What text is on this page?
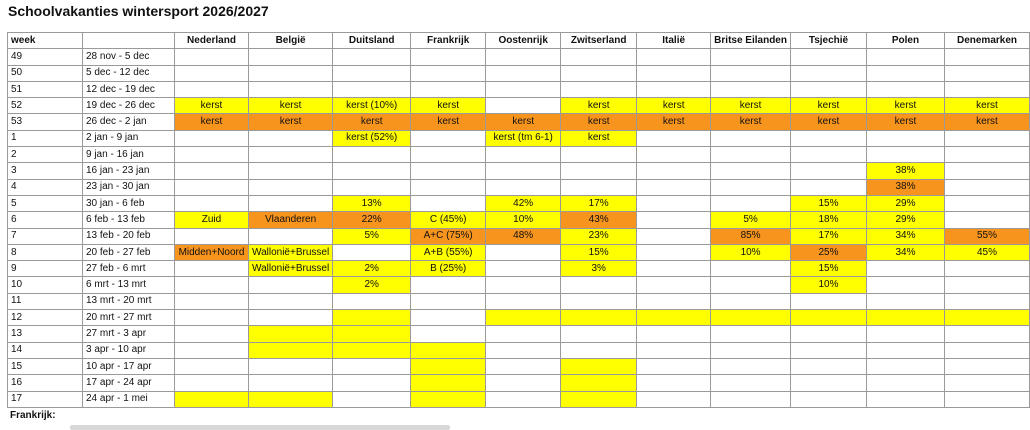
Schoolvakanties wintersport 2026/2027
week		Nederland	België	Duitsland	Frankrijk	Oostenrijk	Zwitserland	Italië	Britse Eilanden	Tsjechië	Polen	Denemarken
49	28 nov - 5 dec											
50	5 dec - 12 dec											
51	12 dec - 19 dec											
52	19 dec - 26 dec	kerst	kerst	kerst (10%)	kerst		kerst	kerst	kerst	kerst	kerst	kerst
53	26 dec - 2 jan	kerst	kerst	kerst	kerst	kerst	kerst	kerst	kerst	kerst	kerst	kerst
1	2 jan - 9 jan			kerst (52%)		kerst (tm 6-1)	kerst					
2	9 jan - 16 jan											
3	16 jan - 23 jan										38%	
4	23 jan - 30 jan										38%	
5	30 jan - 6 feb			13%		42%	17%			15%	29%	
6	6 feb - 13 feb	Zuid	Vlaanderen	22%	C (45%)	10%	43%		5%	18%	29%	
7	13 feb - 20 feb			5%	A+C (75%)	48%	23%		85%	17%	34%	55%
8	20 feb - 27 feb	Midden+Noord	Wallonië+Brussel		A+B (55%)		15%		10%	25%	34%	45%
9	27 feb - 6 mrt		Wallonië+Brussel	2%	B (25%)		3%			15%		
10	6 mrt - 13 mrt			2%						10%		
11	13 mrt - 20 mrt											
12	20 mrt - 27 mrt											
13	27 mrt - 3 apr											
14	3 apr - 10 apr											
15	10 apr - 17 apr											
16	17 apr - 24 apr											
17	24 apr - 1 mei											
Frankrijk:
